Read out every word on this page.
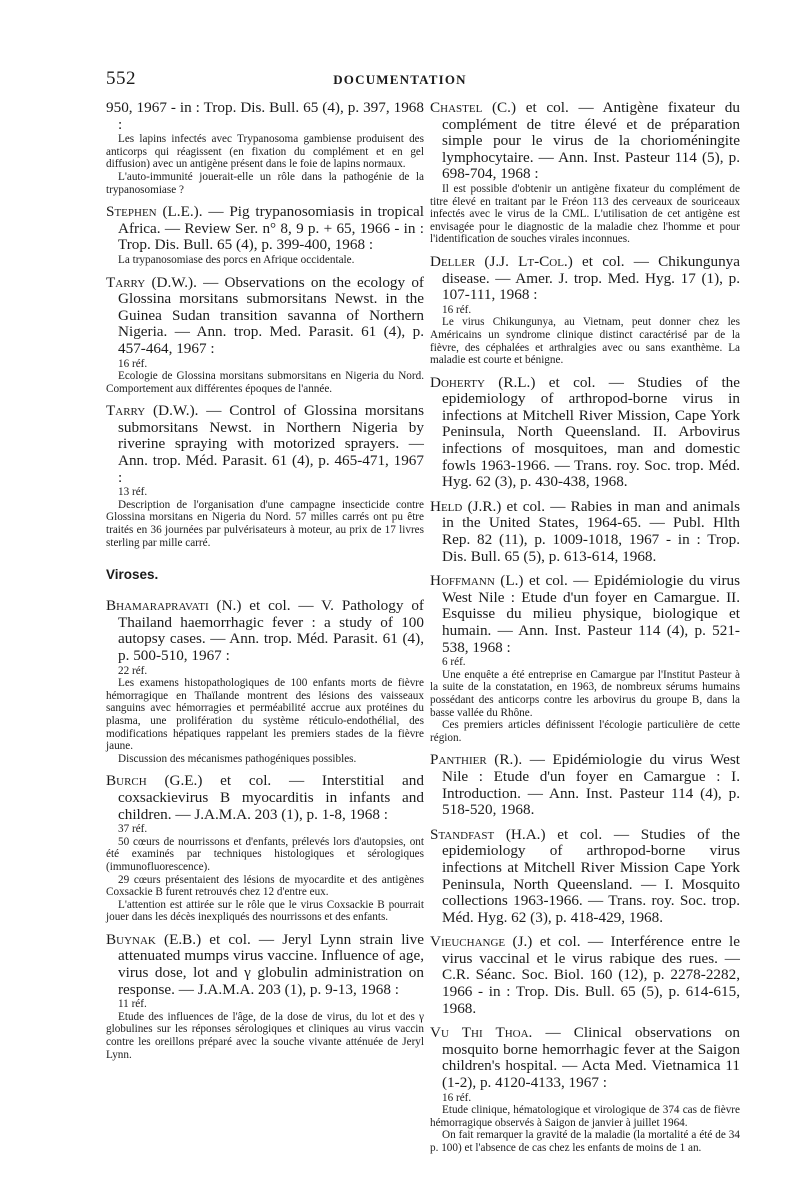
552	DOCUMENTATION

950, 1967 - in : Trop. Dis. Bull. 65 (4), p. 397, 1968 :

Les lapins infectés avec Trypanosoma gambiense produisent des anticorps qui réagissent (en fixation du complément et en gel diffusion) avec un antigène présent dans le foie de lapins normaux.

L'auto-immunité jouerait-elle un rôle dans la pathogénie de la trypanosomiase ?

Stephen (L.E.). — Pig trypanosomiasis in tropical Africa. — Review Ser. n° 8, 9 p. + 65, 1966 - in : Trop. Dis. Bull. 65 (4), p. 399-400, 1968 :

La trypanosomiase des porcs en Afrique occidentale.

Tarry (D.W.). — Observations on the ecology of Glossina morsitans submorsitans Newst. in the Guinea Sudan transition savanna of Northern Nigeria. — Ann. trop. Med. Parasit. 61 (4), p. 457-464, 1967 :

16 réf.

Ecologie de Glossina morsitans submorsitans en Nigeria du Nord. Comportement aux différentes époques de l'année.

Tarry (D.W.). — Control of Glossina morsitans submorsitans Newst. in Northern Nigeria by riverine spraying with motorized sprayers. — Ann. trop. Méd. Parasit. 61 (4), p. 465-471, 1967 :

13 réf.

Description de l'organisation d'une campagne insecticide contre Glossina morsitans en Nigeria du Nord. 57 milles carrés ont pu être traités en 36 journées par pulvérisateurs à moteur, au prix de 17 livres sterling par mille carré.

Viroses.

Bhamarapravati (N.) et col. — V. Pathology of Thailand haemorrhagic fever : a study of 100 autopsy cases. — Ann. trop. Méd. Parasit. 61 (4), p. 500-510, 1967 :

22 réf.

Les examens histopathologiques de 100 enfants morts de fièvre hémorragique en Thaïlande montrent des lésions des vaisseaux sanguins avec hémorragies et perméabilité accrue aux protéines du plasma, une prolifération du système réticulo-endothélial, des modifications hépatiques rappelant les premiers stades de la fièvre jaune.

Discussion des mécanismes pathogéniques possibles.

Burch (G.E.) et col. — Interstitial and coxsackievirus B myocarditis in infants and children. — J.A.M.A. 203 (1), p. 1-8, 1968 :

37 réf.

50 cœurs de nourrissons et d'enfants, prélevés lors d'autopsies, ont été examinés par techniques histologiques et sérologiques (immunofluorescence).

29 cœurs présentaient des lésions de myocardite et des antigènes Coxsackie B furent retrouvés chez 12 d'entre eux.

L'attention est attirée sur le rôle que le virus Coxsackie B pourrait jouer dans les décès inexpliqués des nourrissons et des enfants.

Buynak (E.B.) et col. — Jeryl Lynn strain live attenuated mumps virus vaccine. Influence of age, virus dose, lot and γ globulin administration on response. — J.A.M.A. 203 (1), p. 9-13, 1968 :

11 réf.

Etude des influences de l'âge, de la dose de virus, du lot et des γ globulines sur les réponses sérologiques et cliniques au virus vaccin contre les oreillons préparé avec la souche vivante atténuée de Jeryl Lynn.

Chastel (C.) et col. — Antigène fixateur du complément de titre élevé et de préparation simple pour le virus de la chorioméningite lymphocytaire. — Ann. Inst. Pasteur 114 (5), p. 698-704, 1968 :

Il est possible d'obtenir un antigène fixateur du complément de titre élevé en traitant par le Fréon 113 des cerveaux de souriceaux infectés avec le virus de la CML. L'utilisation de cet antigène est envisagée pour le diagnostic de la maladie chez l'homme et pour l'identification de souches virales inconnues.

Deller (J.J. Lt-Col.) et col. — Chikungunya disease. — Amer. J. trop. Med. Hyg. 17 (1), p. 107-111, 1968 :

16 réf.

Le virus Chikungunya, au Vietnam, peut donner chez les Américains un syndrome clinique distinct caractérisé par de la fièvre, des céphalées et arthralgies avec ou sans exanthème. La maladie est courte et bénigne.

Doherty (R.L.) et col. — Studies of the epidemiology of arthropod-borne virus in infections at Mitchell River Mission, Cape York Peninsula, North Queensland. II. Arbovirus infections of mosquitoes, man and domestic fowls 1963-1966. — Trans. roy. Soc. trop. Méd. Hyg. 62 (3), p. 430-438, 1968.

Held (J.R.) et col. — Rabies in man and animals in the United States, 1964-65. — Publ. Hlth Rep. 82 (11), p. 1009-1018, 1967 - in : Trop. Dis. Bull. 65 (5), p. 613-614, 1968.

Hoffmann (L.) et col. — Epidémiologie du virus West Nile : Etude d'un foyer en Camargue. II. Esquisse du milieu physique, biologique et humain. — Ann. Inst. Pasteur 114 (4), p. 521-538, 1968 :

6 réf.

Une enquête a été entreprise en Camargue par l'Institut Pasteur à la suite de la constatation, en 1963, de nombreux sérums humains possédant des anticorps contre les arbovirus du groupe B, dans la basse vallée du Rhône.

Ces premiers articles définissent l'écologie particulière de cette région.

Panthier (R.). — Epidémiologie du virus West Nile : Etude d'un foyer en Camargue : I. Introduction. — Ann. Inst. Pasteur 114 (4), p. 518-520, 1968.

Standfast (H.A.) et col. — Studies of the epidemiology of arthropod-borne virus infections at Mitchell River Mission Cape York Peninsula, North Queensland. — I. Mosquito collections 1963-1966. — Trans. roy. Soc. trop. Méd. Hyg. 62 (3), p. 418-429, 1968.

Vieuchange (J.) et col. — Interférence entre le virus vaccinal et le virus rabique des rues. — C.R. Séanc. Soc. Biol. 160 (12), p. 2278-2282, 1966 - in : Trop. Dis. Bull. 65 (5), p. 614-615, 1968.

Vu Thi Thoa. — Clinical observations on mosquito borne hemorrhagic fever at the Saigon children's hospital. — Acta Med. Vietnamica 11 (1-2), p. 4120-4133, 1967 :

16 réf.

Etude clinique, hématologique et virologique de 374 cas de fièvre hémorragique observés à Saigon de janvier à juillet 1964.

On fait remarquer la gravité de la maladie (la mortalité a été de 34 p. 100) et l'absence de cas chez les enfants de moins de 1 an.
